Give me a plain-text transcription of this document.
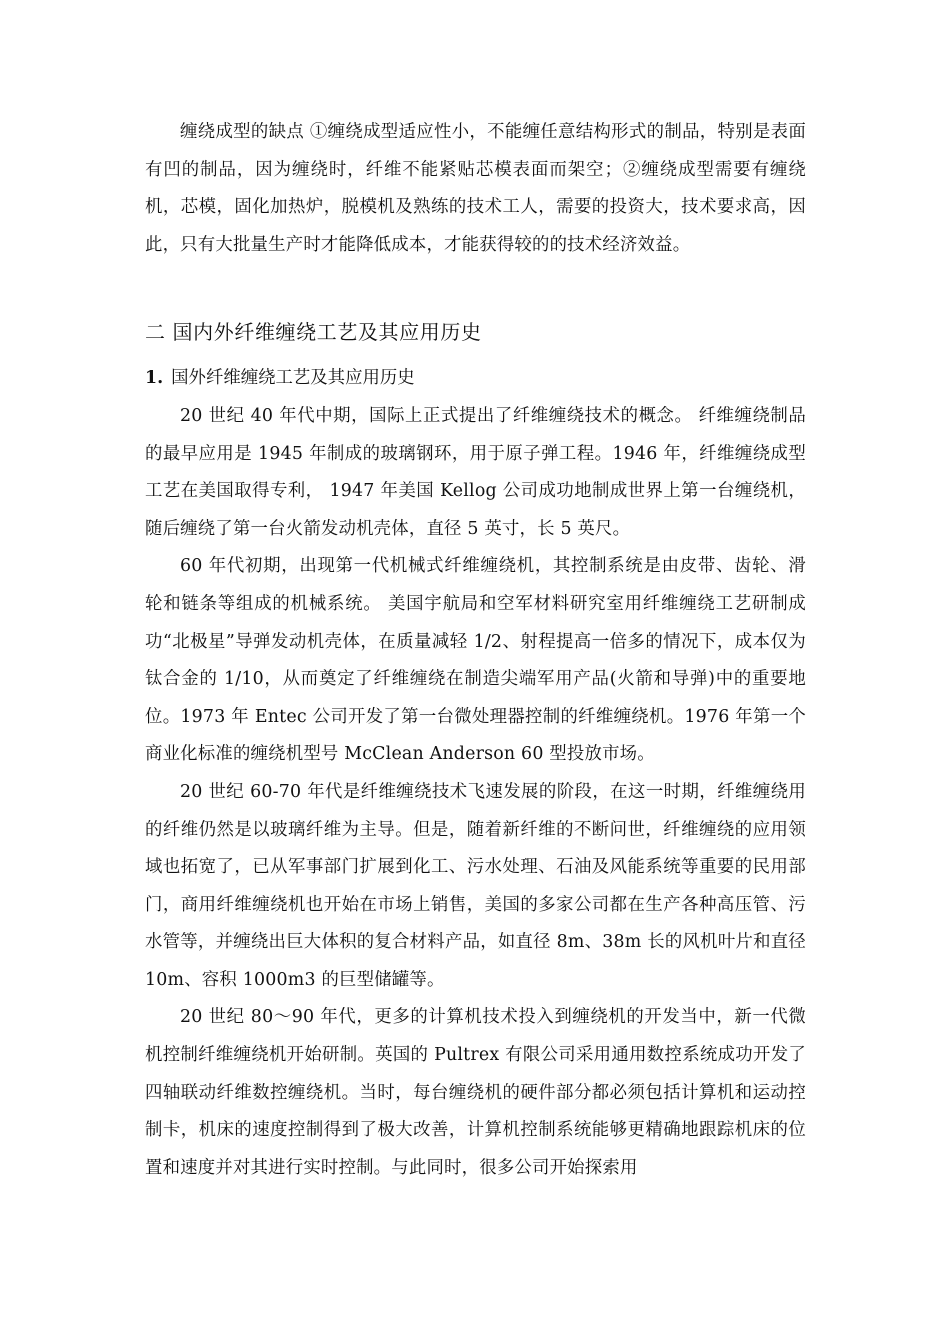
缠绕成型的缺点 ①缠绕成型适应性小，不能缠任意结构形式的制品，特别是表面有凹的制品，因为缠绕时，纤维不能紧贴芯模表面而架空；②缠绕成型需要有缠绕机，芯模，固化加热炉，脱模机及熟练的技术工人，需要的投资大，技术要求高，因此，只有大批量生产时才能降低成本，才能获得较的的技术经济效益。

二 国内外纤维缠绕工艺及其应用历史
1. 国外纤维缠绕工艺及其应用历史

20 世纪 40 年代中期，国际上正式提出了纤维缠绕技术的概念。 纤维缠绕制品的最早应用是 1945 年制成的玻璃钢环，用于原子弹工程。1946 年，纤维缠绕成型工艺在美国取得专利， 1947 年美国 Kellog 公司成功地制成世界上第一台缠绕机，随后缠绕了第一台火箭发动机壳体，直径 5 英寸，长 5 英尺。

60 年代初期，出现第一代机械式纤维缠绕机，其控制系统是由皮带、齿轮、滑轮和链条等组成的机械系统。 美国宇航局和空军材料研究室用纤维缠绕工艺研制成功“北极星”导弹发动机壳体，在质量减轻 1/2、射程提高一倍多的情况下，成本仅为钛合金的 1/10，从而奠定了纤维缠绕在制造尖端军用产品(火箭和导弹)中的重要地位。1973 年 Entec 公司开发了第一台微处理器控制的纤维缠绕机。1976 年第一个商业化标准的缠绕机型号 McClean Anderson 60 型投放市场。

20 世纪 60-70 年代是纤维缠绕技术飞速发展的阶段，在这一时期，纤维缠绕用的纤维仍然是以玻璃纤维为主导。但是，随着新纤维的不断问世，纤维缠绕的应用领域也拓宽了，已从军事部门扩展到化工、污水处理、石油及风能系统等重要的民用部门，商用纤维缠绕机也开始在市场上销售，美国的多家公司都在生产各种高压管、污水管等，并缠绕出巨大体积的复合材料产品，如直径 8m、38m 长的风机叶片和直径 10m、容积 1000m3 的巨型储罐等。

20 世纪 80～90 年代，更多的计算机技术投入到缠绕机的开发当中，新一代微机控制纤维缠绕机开始研制。英国的 Pultrex 有限公司采用通用数控系统成功开发了四轴联动纤维数控缠绕机。当时，每台缠绕机的硬件部分都必须包括计算机和运动控制卡，机床的速度控制得到了极大改善，计算机控制系统能够更精确地跟踪机床的位置和速度并对其进行实时控制。与此同时，很多公司开始探索用
